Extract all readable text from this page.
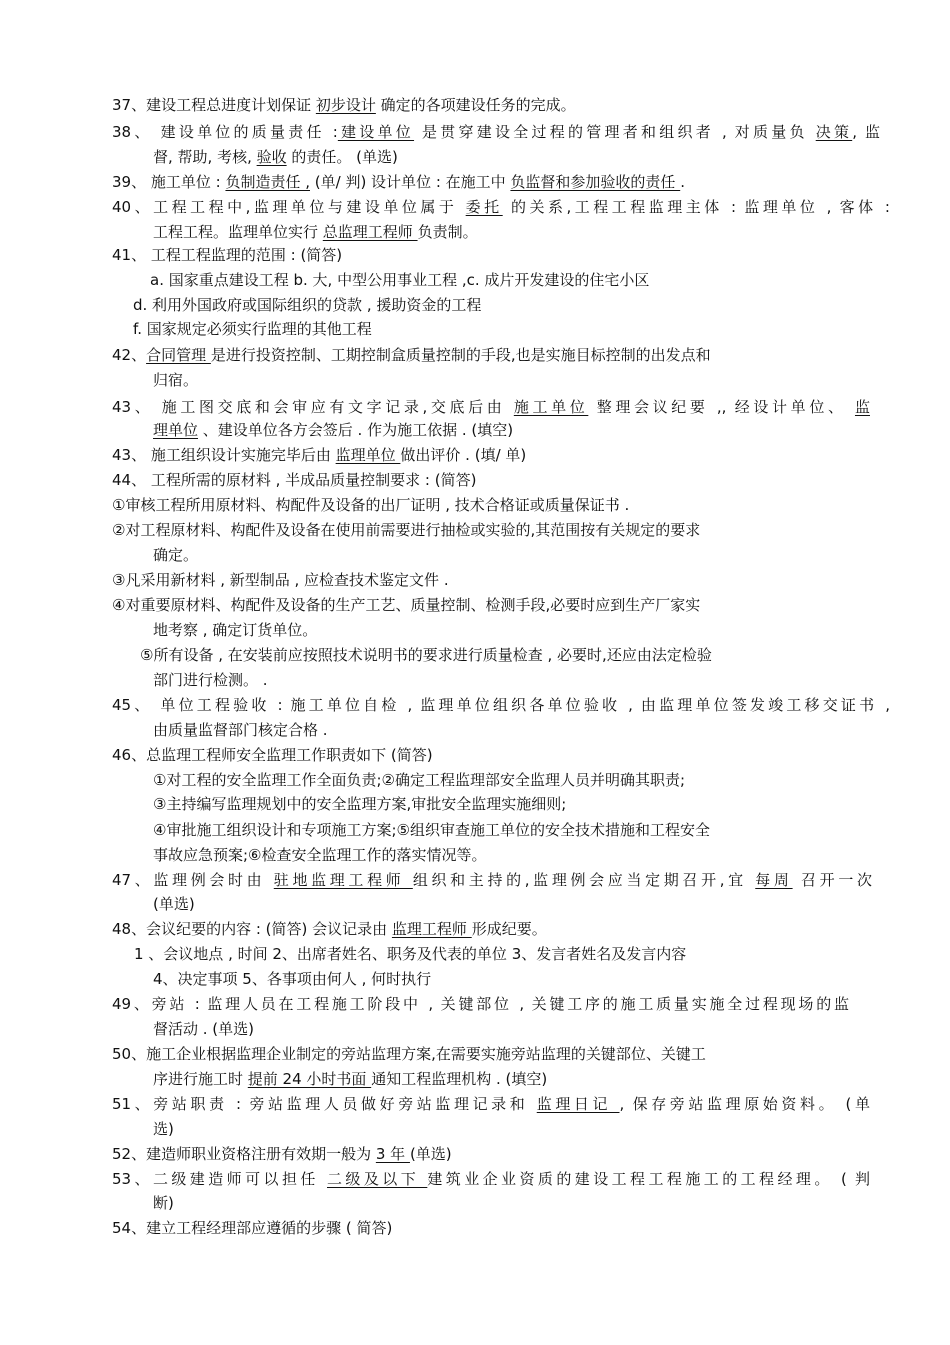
37、建设工程总进度计划保证 初步设计 确定的各项建设任务的完成。
38、 建设单位的质量责任 :建设单位 是贯穿建设全过程的管理者和组织者 , 对质量负 决策, 监
督, 帮助, 考核, 验收 的责任。 (单选)
39、 施工单位 : 负制造责任 , (单/ 判) 设计单位 : 在施工中 负监督和参加验收的责任 .
40、工程工程中,监理单位与建设单位属于 委托 的关系,工程工程监理主体 : 监理单位 , 客体 :
工程工程。监理单位实行 总监理工程师 负责制。
41、 工程工程监理的范围 : (简答)
a. 国家重点建设工程 b. 大, 中型公用事业工程 ,c. 成片开发建设的住宅小区
d. 利用外国政府或国际组织的贷款 , 援助资金的工程
f. 国家规定必须实行监理的其他工程
42、合同管理 是进行投资控制、工期控制盒质量控制的手段,也是实施目标控制的出发点和
归宿。
43、 施工图交底和会审应有文字记录,交底后由 施工单位 整理会议纪要 ,, 经设计单位、 监
理单位 、建设单位各方会签后 . 作为施工依据 . (填空)
43、 施工组织设计实施完毕后由 监理单位 做出评价 . (填/ 单)
44、 工程所需的原材料 , 半成品质量控制要求 : (简答)
①审核工程所用原材料、构配件及设备的出厂证明 , 技术合格证或质量保证书 .
②对工程原材料、构配件及设备在使用前需要进行抽检或实验的,其范围按有关规定的要求
确定。
③凡采用新材料 , 新型制品 , 应检查技术鉴定文件 .
④对重要原材料、构配件及设备的生产工艺、质量控制、检测手段,必要时应到生产厂家实
地考察 , 确定订货单位。
⑤所有设备 , 在安装前应按照技术说明书的要求进行质量检查 , 必要时,还应由法定检验
部门进行检测。 .
45、 单位工程验收 : 施工单位自检 , 监理单位组织各单位验收 , 由监理单位签发竣工移交证书 ,
由质量监督部门核定合格 .
46、总监理工程师安全监理工作职责如下 (简答)
①对工程的安全监理工作全面负责;②确定工程监理部安全监理人员并明确其职责;
③主持编写监理规划中的安全监理方案,审批安全监理实施细则;
④审批施工组织设计和专项施工方案;⑤组织审查施工单位的安全技术措施和工程安全
事故应急预案;⑥检查安全监理工作的落实情况等。
47、监理例会时由 驻地监理工程师 组织和主持的,监理例会应当定期召开,宜 每周 召开一次
(单选)
48、会议纪要的内容 : (简答) 会议记录由 监理工程师 形成纪要。
1 、会议地点 , 时间 2、出席者姓名、职务及代表的单位 3、发言者姓名及发言内容
4、决定事项 5、各事项由何人 , 何时执行
49、旁站 : 监理人员在工程施工阶段中 , 关键部位 , 关键工序的施工质量实施全过程现场的监
督活动 . (单选)
50、施工企业根据监理企业制定的旁站监理方案,在需要实施旁站监理的关键部位、关键工
序进行施工时 提前 24 小时书面 通知工程监理机构 . (填空)
51、旁站职责 : 旁站监理人员做好旁站监理记录和 监理日记 , 保存旁站监理原始资料。 (单
选)
52、建造师职业资格注册有效期一般为 3 年 (单选)
53、二级建造师可以担任 二级及以下 建筑业企业资质的建设工程工程施工的工程经理。 ( 判
断)
54、建立工程经理部应遵循的步骤 ( 简答)
